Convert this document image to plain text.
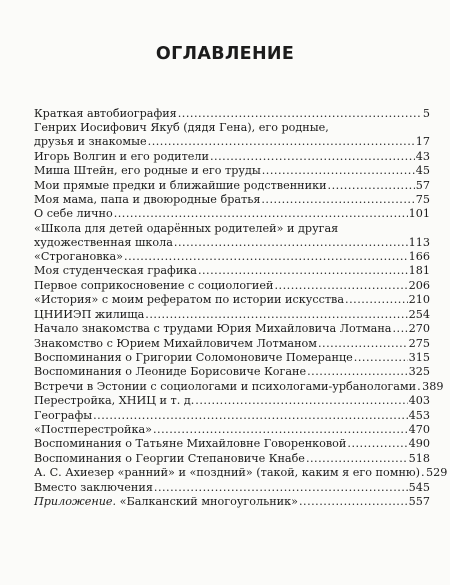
ОГЛАВЛЕНИЕ
Краткая автобиография .....	5
Генрих Иосифович Якуб (дядя Гена), его родные,
друзья и знакомые .....	17
Игорь Волгин и его родители .....	43
Миша Штейн, его родные и его труды .....	45
Мои прямые предки и ближайшие родственники .....	57
Моя мама, папа и двоюродные братья .....	75
О себе лично .....	101
«Школа для детей одарённых родителей» и другая
художественная школа .....	113
«Строгановка» .....	166
Моя студенческая графика .....	181
Первое соприкосновение с социологией .....	206
«История» с моим рефератом по истории искусства .....	210
ЦНИИЭП жилища .....	254
Начало знакомства с трудами Юрия Михайловича Лотмана ..... 270
Знакомство с Юрием Михайловичем Лотманом .....	275
Воспоминания о Григории Соломоновиче Померанце .....	315
Воспоминания о Леониде Борисовиче Когане .....	325
Встречи в Эстонии с социологами и психологами-урбанологами ..... 389
Перестройка, ХНИЦ и т. д. .....	403
Географы .....	453
«Постперестройка» .....	470
Воспоминания о Татьяне Михайловне Говоренковой .....	490
Воспоминания о Георгии Степановиче Кнабе .....	518
А. С. Ахиезер «ранний» и «поздний» (такой, каким я его помню) ..... 529
Вместо заключения .....	545
Приложение. «Балканский многоугольник» .....	557
